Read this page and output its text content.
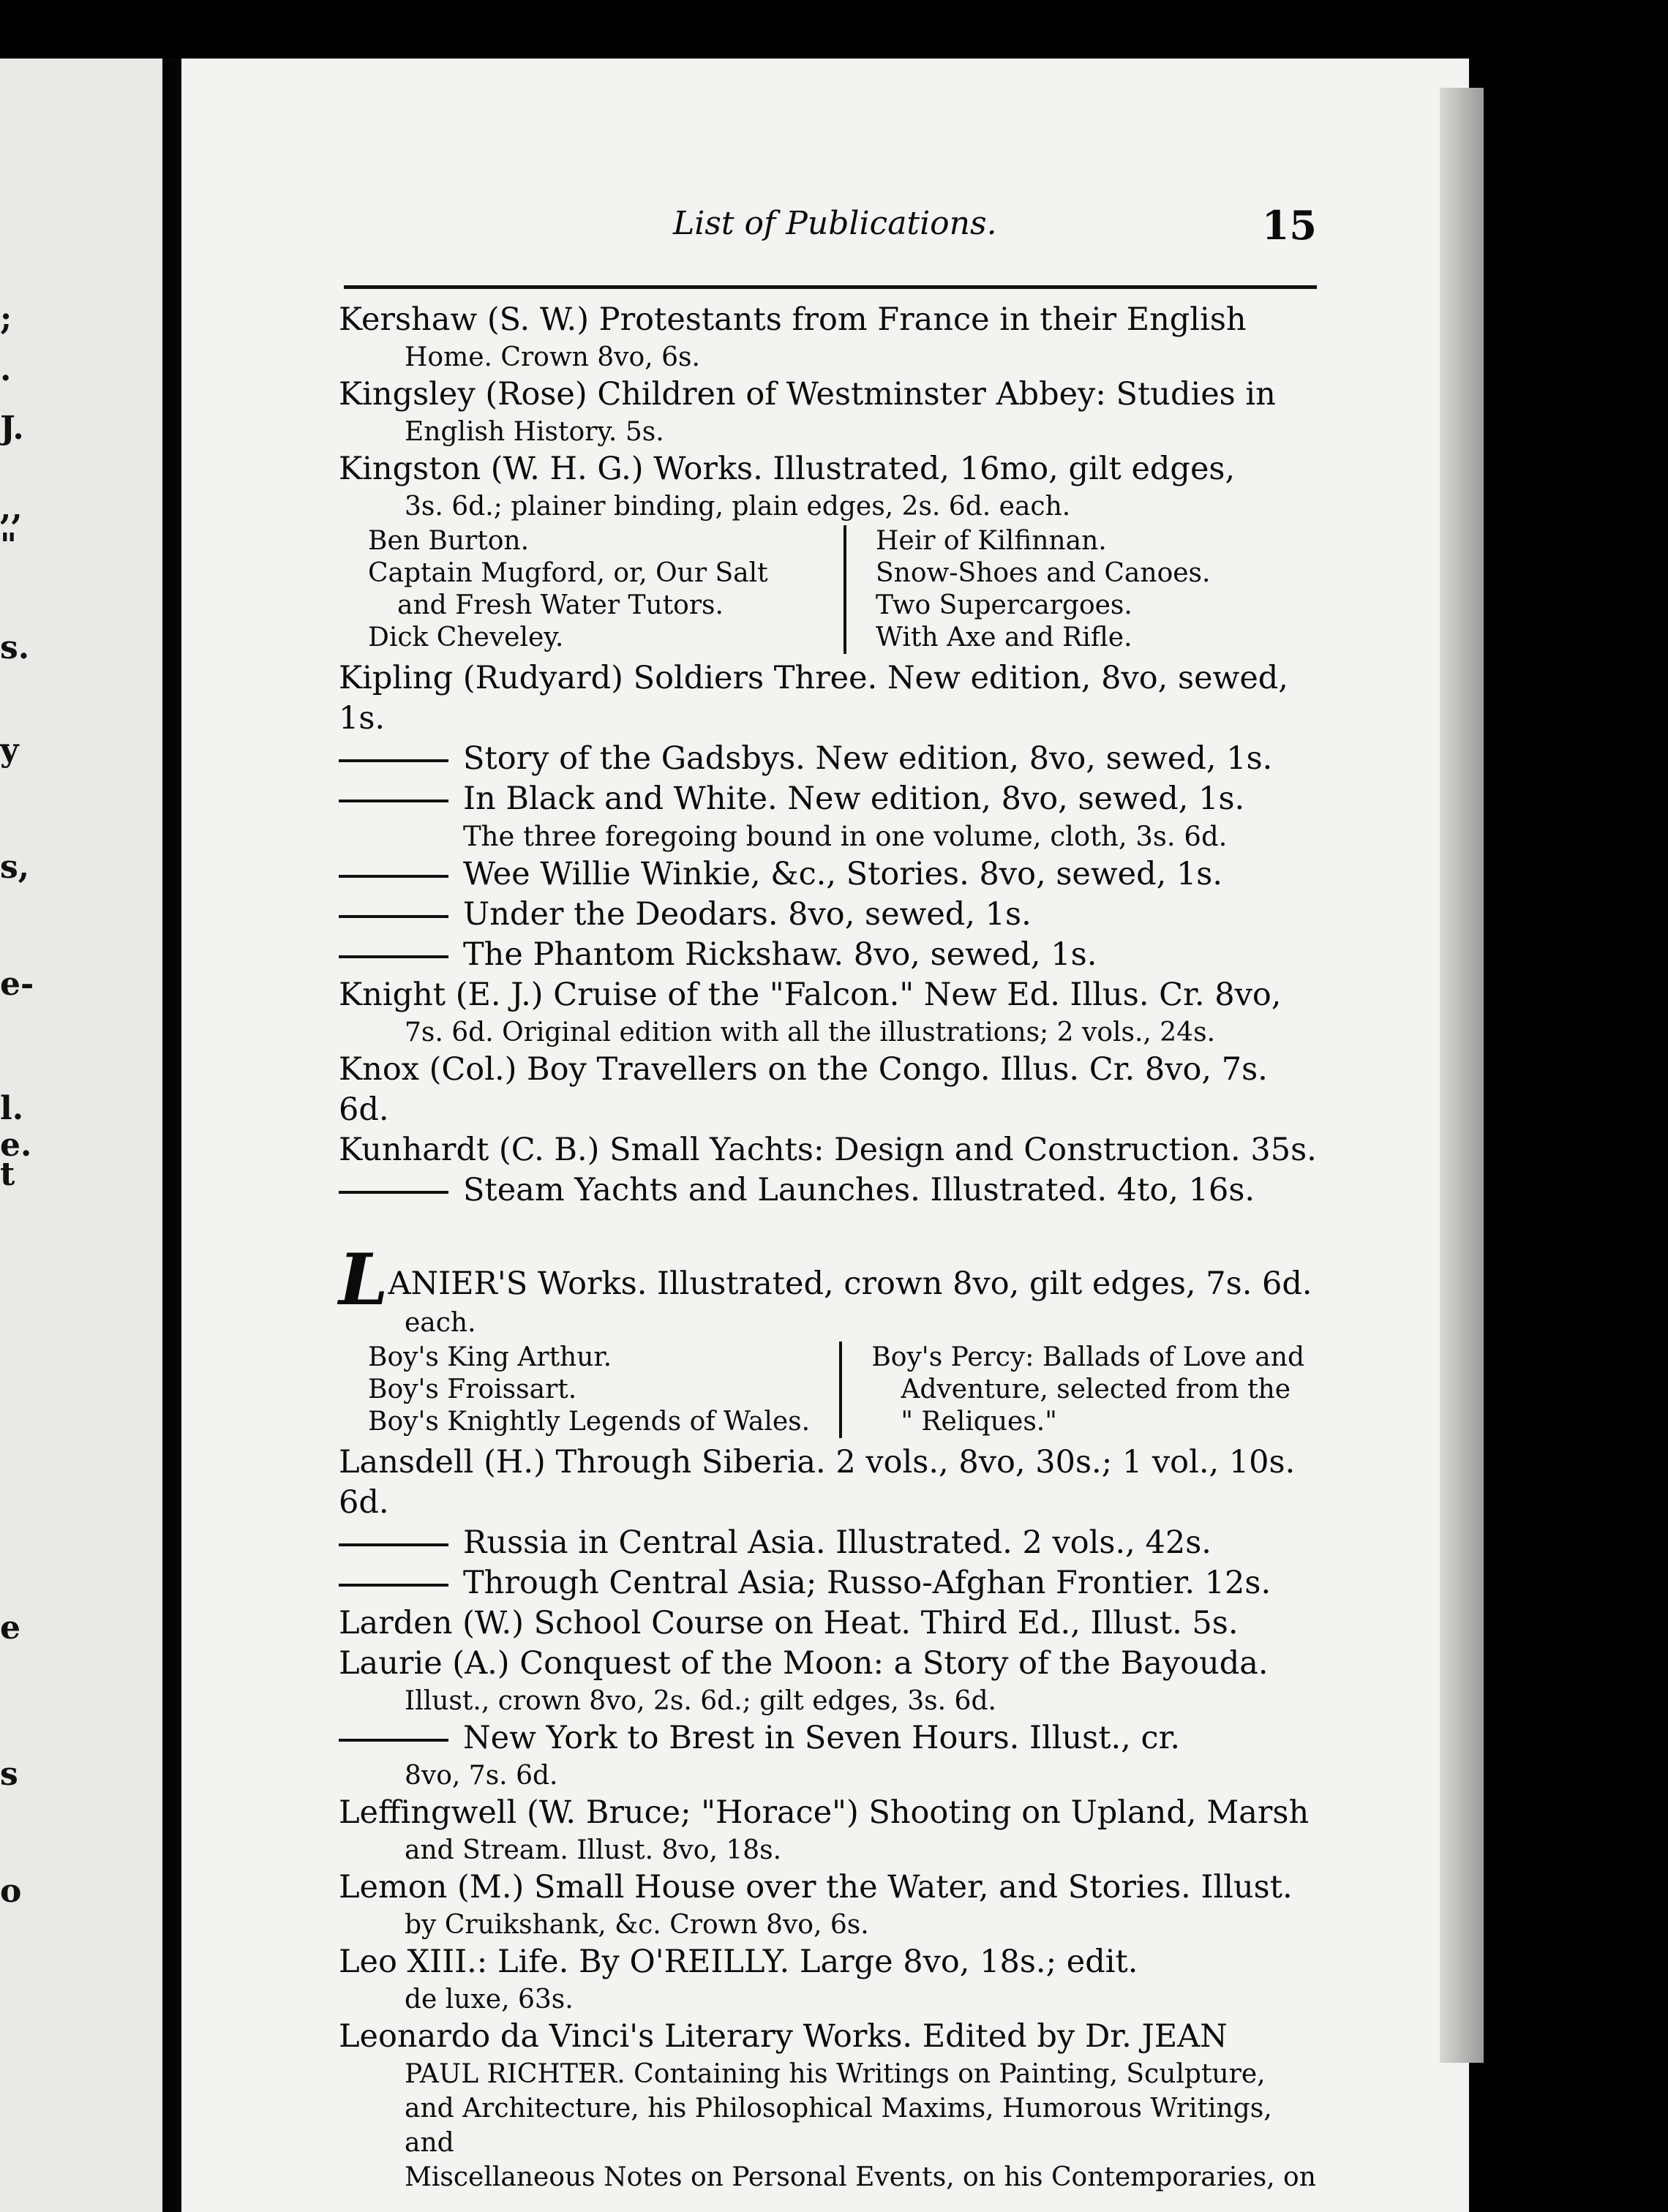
;
.
J.
,,
"
s.
y
s,
e-
l.
e.
t
s
e
o
List of Publications.	15
Kershaw (S. W.) Protestants from France in their English
Home. Crown 8vo, 6s.
Kingsley (Rose) Children of Westminster Abbey: Studies in
English History. 5s.
Kingston (W. H. G.) Works. Illustrated, 16mo, gilt edges,
3s. 6d.; plainer binding, plain edges, 2s. 6d. each.
Ben Burton.
Captain Mugford, or, Our Salt
and Fresh Water Tutors.
Dick Cheveley.
Heir of Kilfinnan.
Snow-Shoes and Canoes.
Two Supercargoes.
With Axe and Rifle.
Kipling (Rudyard) Soldiers Three. New edition, 8vo, sewed, 1s.
Story of the Gadsbys. New edition, 8vo, sewed, 1s.
In Black and White. New edition, 8vo, sewed, 1s.
The three foregoing bound in one volume, cloth, 3s. 6d.
Wee Willie Winkie, &c., Stories. 8vo, sewed, 1s.
Under the Deodars. 8vo, sewed, 1s.
The Phantom Rickshaw. 8vo, sewed, 1s.
Knight (E. J.) Cruise of the "Falcon." New Ed. Illus. Cr. 8vo,
7s. 6d. Original edition with all the illustrations; 2 vols., 24s.
Knox (Col.) Boy Travellers on the Congo. Illus. Cr. 8vo, 7s. 6d.
Kunhardt (C. B.) Small Yachts: Design and Construction. 35s.
Steam Yachts and Launches. Illustrated. 4to, 16s.
LANIER'S Works. Illustrated, crown 8vo, gilt edges, 7s. 6d.
each.
Boy's King Arthur.
Boy's Froissart.
Boy's Knightly Legends of Wales.
Boy's Percy: Ballads of Love and
Adventure, selected from the
" Reliques."
Lansdell (H.) Through Siberia. 2 vols., 8vo, 30s.; 1 vol., 10s. 6d.
Russia in Central Asia. Illustrated. 2 vols., 42s.
Through Central Asia; Russo-Afghan Frontier. 12s.
Larden (W.) School Course on Heat. Third Ed., Illust. 5s.
Laurie (A.) Conquest of the Moon: a Story of the Bayouda.
Illust., crown 8vo, 2s. 6d.; gilt edges, 3s. 6d.
New York to Brest in Seven Hours. Illust., cr.
8vo, 7s. 6d.
Leffingwell (W. Bruce; "Horace") Shooting on Upland, Marsh
and Stream. Illust. 8vo, 18s.
Lemon (M.) Small House over the Water, and Stories. Illust.
by Cruikshank, &c. Crown 8vo, 6s.
Leo XIII.: Life. By O'REILLY. Large 8vo, 18s.; edit.
de luxe, 63s.
Leonardo da Vinci's Literary Works. Edited by Dr. JEAN
PAUL RICHTER. Containing his Writings on Painting, Sculpture,
and Architecture, his Philosophical Maxims, Humorous Writings, and
Miscellaneous Notes on Personal Events, on his Contemporaries, on
